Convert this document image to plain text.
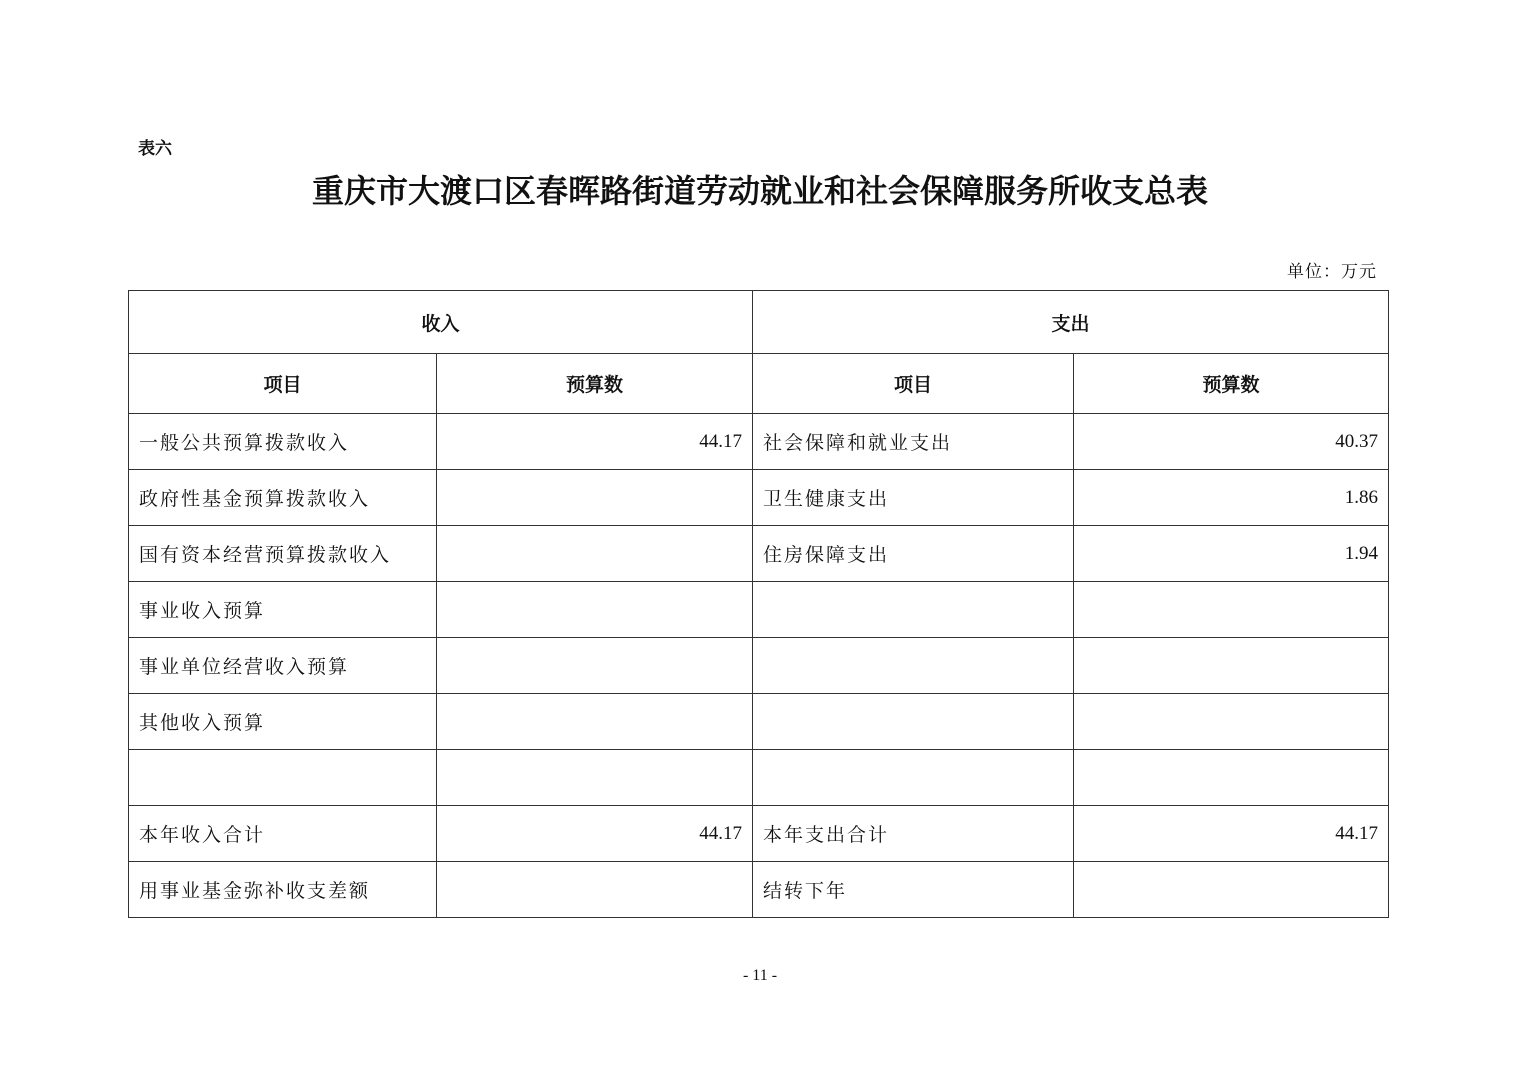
表六
重庆市大渡口区春晖路街道劳动就业和社会保障服务所收支总表
单位：万元
收入		支出	
项目	预算数	项目	预算数
一般公共预算拨款收入	44.17	社会保障和就业支出	40.37
政府性基金预算拨款收入		卫生健康支出	1.86
国有资本经营预算拨款收入		住房保障支出	1.94
事业收入预算			
事业单位经营收入预算			
其他收入预算			

本年收入合计	44.17	本年支出合计	44.17
用事业基金弥补收支差额		结转下年	
- 11 -
